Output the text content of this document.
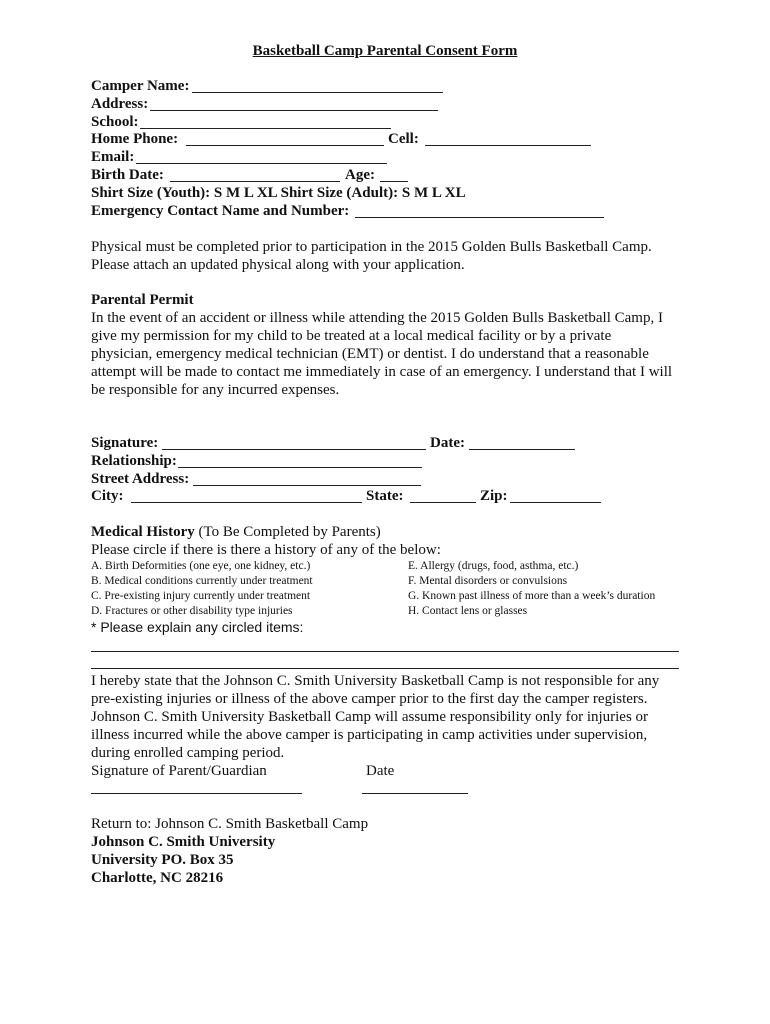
Basketball Camp Parental Consent Form
Camper Name:
Address:
School:
Home Phone:	Cell:
Email:
Birth Date:	Age:
Shirt Size (Youth): S M L XL Shirt Size (Adult): S M L XL
Emergency Contact Name and Number:
Physical must be completed prior to participation in the 2015 Golden Bulls Basketball Camp.
Please attach an updated physical along with your application.
Parental Permit
In the event of an accident or illness while attending the 2015 Golden Bulls Basketball Camp, I
give my permission for my child to be treated at a local medical facility or by a private
physician, emergency medical technician (EMT) or dentist. I do understand that a reasonable
attempt will be made to contact me immediately in case of an emergency. I understand that I will
be responsible for any incurred expenses.
Signature:	Date:
Relationship:
Street Address:
City:	State:	Zip:
Medical History (To Be Completed by Parents)
Please circle if there is there a history of any of the below:
A. Birth Deformities (one eye, one kidney, etc.)
B. Medical conditions currently under treatment
C. Pre-existing injury currently under treatment
D. Fractures or other disability type injuries
E. Allergy (drugs, food, asthma, etc.)
F. Mental disorders or convulsions
G. Known past illness of more than a week’s duration
H. Contact lens or glasses
* Please explain any circled items:
I hereby state that the Johnson C. Smith University Basketball Camp is not responsible for any
pre-existing injuries or illness of the above camper prior to the first day the camper registers.
Johnson C. Smith University Basketball Camp will assume responsibility only for injuries or
illness incurred while the above camper is participating in camp activities under supervision,
during enrolled camping period.
Signature of Parent/Guardian	Date
Return to: Johnson C. Smith Basketball Camp
Johnson C. Smith University
University PO. Box 35
Charlotte, NC 28216
